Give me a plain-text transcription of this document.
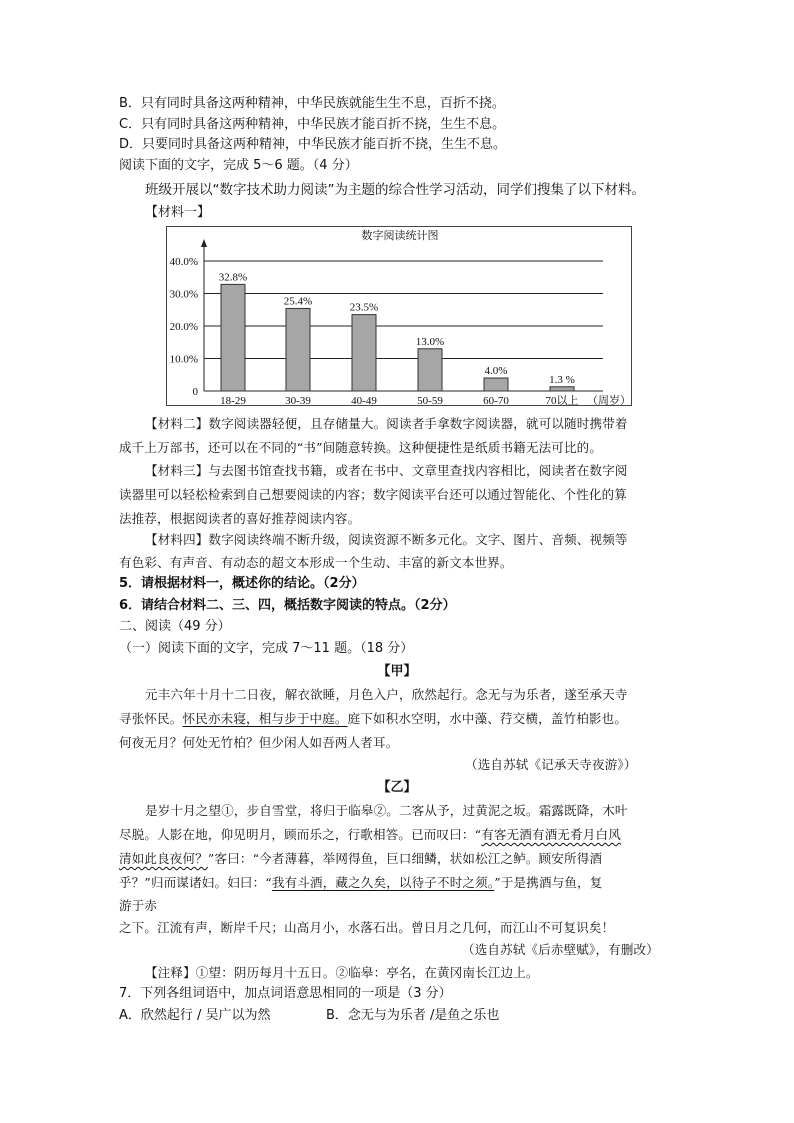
B．只有同时具备这两种精神，中华民族就能生生不息，百折不挠。
C．只有同时具备这两种精神，中华民族才能百折不挠，生生不息。
D．只要同时具备这两种精神，中华民族才能百折不挠，生生不息。
阅读下面的文字，完成 5～6 题。（4 分）
班级开展以“数字技术助力阅读”为主题的综合性学习活动，同学们搜集了以下材料。
【材料一】
数字阅读统计图
0
10.0%
20.0%
30.0%
40.0%
32.8%
18-29
25.4%
30-39
23.5%
40-49
13.0%
50-59
4.0%
60-70
1.3 %
70以上 （周岁）
【材料二】数字阅读器轻便，且存储量大。阅读者手拿数字阅读器，就可以随时携带着
成千上万部书，还可以在不同的“书”间随意转换。这种便捷性是纸质书籍无法可比的。
【材料三】与去图书馆查找书籍，或者在书中、文章里查找内容相比，阅读者在数字阅
读器里可以轻松检索到自己想要阅读的内容；数字阅读平台还可以通过智能化、个性化的算
法推荐，根据阅读者的喜好推荐阅读内容。
【材料四】数字阅读终端不断升级，阅读资源不断多元化。文字、图片、音频、视频等
有色彩、有声音、有动态的超文本形成一个生动、丰富的新文本世界。
5．请根据材料一，概述你的结论。（2分）
6．请结合材料二、三、四，概括数字阅读的特点。（2分）
二、阅读（49 分）
（一）阅读下面的文字，完成 7～11 题。（18 分）
【甲】
元丰六年十月十二日夜，解衣欲睡，月色入户，欣然起行。念无与为乐者，遂至承天寺
寻张怀民。怀民亦未寝，相与步于中庭。庭下如积水空明，水中藻、荇交横，盖竹柏影也。
何夜无月？何处无竹柏？但少闲人如吾两人者耳。
（选自苏轼《记承天寺夜游》）
【乙】
是岁十月之望①，步自雪堂，将归于临皋②。二客从予，过黄泥之坂。霜露既降，木叶
尽脱。人影在地，仰见明月，顾而乐之，行歌相答。已而叹曰：“有客无酒有酒无肴月白风
清如此良夜何？”客曰：“今者薄暮，举网得鱼，巨口细鳞，状如松江之鲈。顾安所得酒
乎？”归而谋诸妇。妇曰：“我有斗酒，藏之久矣，以待子不时之须。”于是携酒与鱼，复
游于赤
之下。江流有声，断岸千尺；山高月小，水落石出。曾日月之几何，而江山不可复识矣！
（选自苏轼《后赤壁赋》，有删改）
【注释】①望：阴历每月十五日。②临皋：亭名，在黄冈南长江边上。
7．下列各组词语中，加点词语意思相同的一项是（3 分）
A．欣然起行 / 吴广以为然	B．念无与为乐者 /是鱼之乐也
